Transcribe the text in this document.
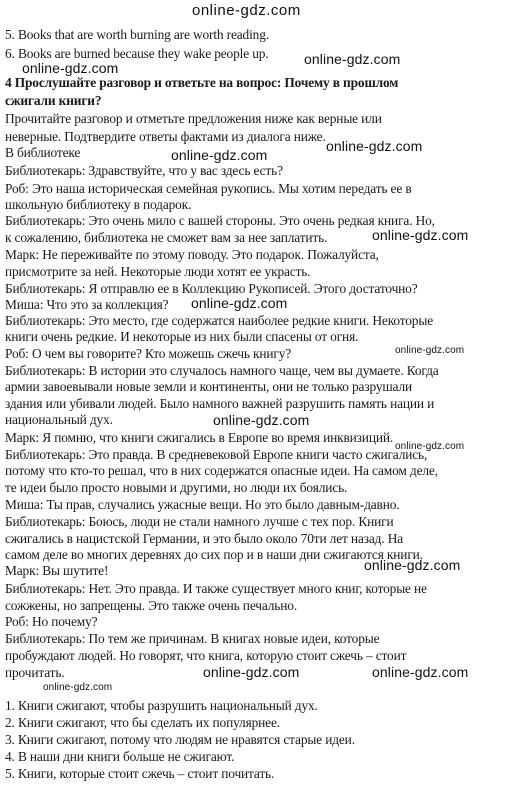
online-gdz.com
5. Books that are worth burning are worth reading.
6. Books are burned because they wake people up.
4 Прослушайте разговор и ответьте на вопрос: Почему в прошлом
сжигали книги?
Прочитайте разговор и отметьте предложения ниже как верные или
неверные. Подтвердите ответы фактами из диалога ниже.
В библиотеке
Библиотекарь: Здравствуйте, что у вас здесь есть?
Роб: Это наша историческая семейная рукопись. Мы хотим передать ее в
школьную библиотеку в подарок.
Библиотекарь: Это очень мило с вашей стороны. Это очень редкая книга. Но,
к сожалению, библиотека не сможет вам за нее заплатить.
Марк: Не переживайте по этому поводу. Это подарок. Пожалуйста,
присмотрите за ней. Некоторые люди хотят ее украсть.
Библиотекарь: Я отправлю ее в Коллекцию Рукописей. Этого достаточно?
Миша: Что это за коллекция?
Библиотекарь: Это место, где содержатся наиболее редкие книги. Некоторые
книги очень редкие. И некоторые из них были спасены от огня.
Роб: О чем вы говорите? Кто можешь сжечь книгу?
Библиотекарь: В истории это случалось намного чаще, чем вы думаете. Когда
армии завоевывали новые земли и континенты, они не только разрушали
здания или убивали людей. Было намного важней разрушить память нации и
национальный дух.
Марк: Я помню, что книги сжигались в Европе во время инквизиций.
Библиотекарь: Это правда. В средневековой Европе книги часто сжигались,
потому что кто-то решал, что в них содержатся опасные идеи. На самом деле,
те идеи было просто новыми и другими, но люди их боялись.
Миша: Ты прав, случались ужасные вещи. Но это было давным-давно.
Библиотекарь: Боюсь, люди не стали намного лучше с тех пор. Книги
сжигались в нацистской Германии, и это было около 70ти лет назад. На
самом деле во многих деревнях до сих пор и в наши дни сжигаются книги.
Марк: Вы шутите!
Библиотекарь: Нет. Это правда. И также существует много книг, которые не
сожжены, но запрещены. Это также очень печально.
Роб: Но почему?
Библиотекарь: По тем же причинам. В книгах новые идеи, которые
пробуждают людей. Но говорят, что книга, которую стоит сжечь – стоит
прочитать.
1. Книги сжигают, чтобы разрушить национальный дух.
2. Книги сжигают, что бы сделать их популярнее.
3. Книги сжигают, потому что людям не нравятся старые идеи.
4. В наши дни книги больше не сжигают.
5. Книги, которые стоит сжечь – стоит почитать.
online-gdz.com
online-gdz.com
online-gdz.com
online-gdz.com
online-gdz.com
online-gdz.com
online-gdz.com
online-gdz.com
online-gdz.com
online-gdz.com
online-gdz.com	online-gdz.com
online-gdz.com
